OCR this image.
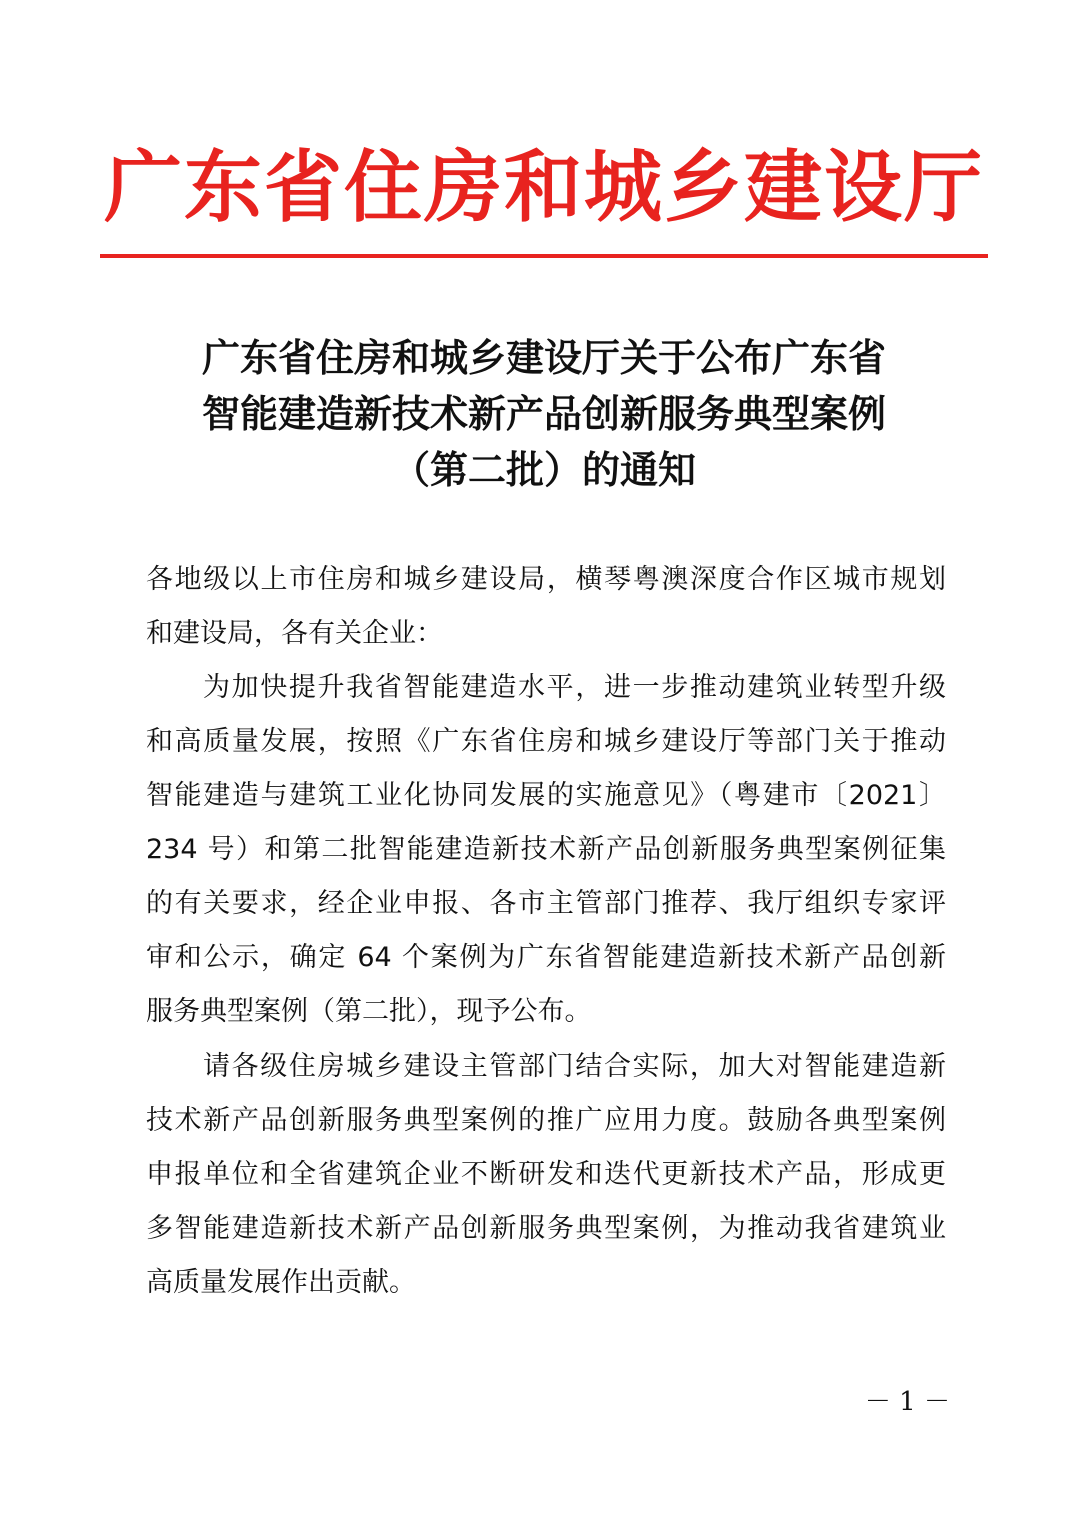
广东省住房和城乡建设厅
广东省住房和城乡建设厅关于公布广东省
智能建造新技术新产品创新服务典型案例
（第二批）的通知
各地级以上市住房和城乡建设局，横琴粤澳深度合作区城市规划
和建设局，各有关企业：
为加快提升我省智能建造水平，进一步推动建筑业转型升级
和高质量发展，按照《广东省住房和城乡建设厅等部门关于推动
智能建造与建筑工业化协同发展的实施意见》（粤建市〔2021〕
234 号）和第二批智能建造新技术新产品创新服务典型案例征集
的有关要求，经企业申报、各市主管部门推荐、我厅组织专家评
审和公示，确定 64 个案例为广东省智能建造新技术新产品创新
服务典型案例（第二批），现予公布。
请各级住房城乡建设主管部门结合实际，加大对智能建造新
技术新产品创新服务典型案例的推广应用力度。鼓励各典型案例
申报单位和全省建筑企业不断研发和迭代更新技术产品，形成更
多智能建造新技术新产品创新服务典型案例，为推动我省建筑业
高质量发展作出贡献。
－ 1 －
